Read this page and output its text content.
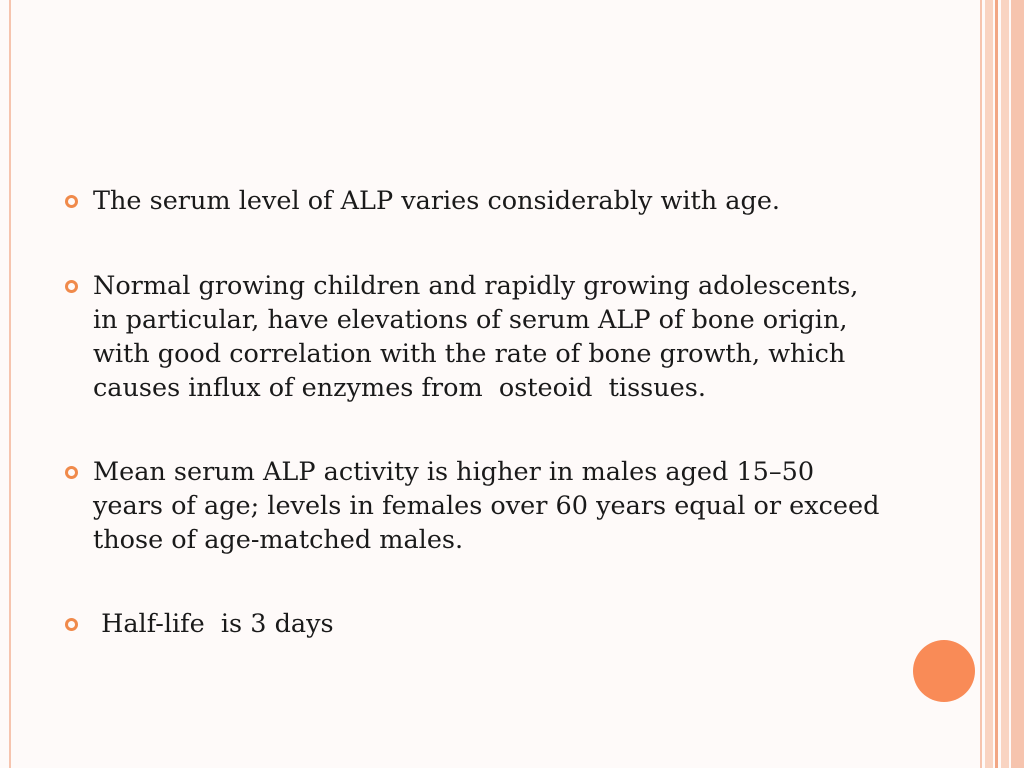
The serum level of ALP varies considerably with age.
Normal growing children and rapidly growing adolescents, in particular, have elevations of serum ALP of bone origin, with good correlation with the rate of bone growth, which causes influx of enzymes from  osteoid  tissues.
Mean serum ALP activity is higher in males aged 15–50 years of age; levels in females over 60 years equal or exceed those of age-matched males.
Half-life  is 3 days
